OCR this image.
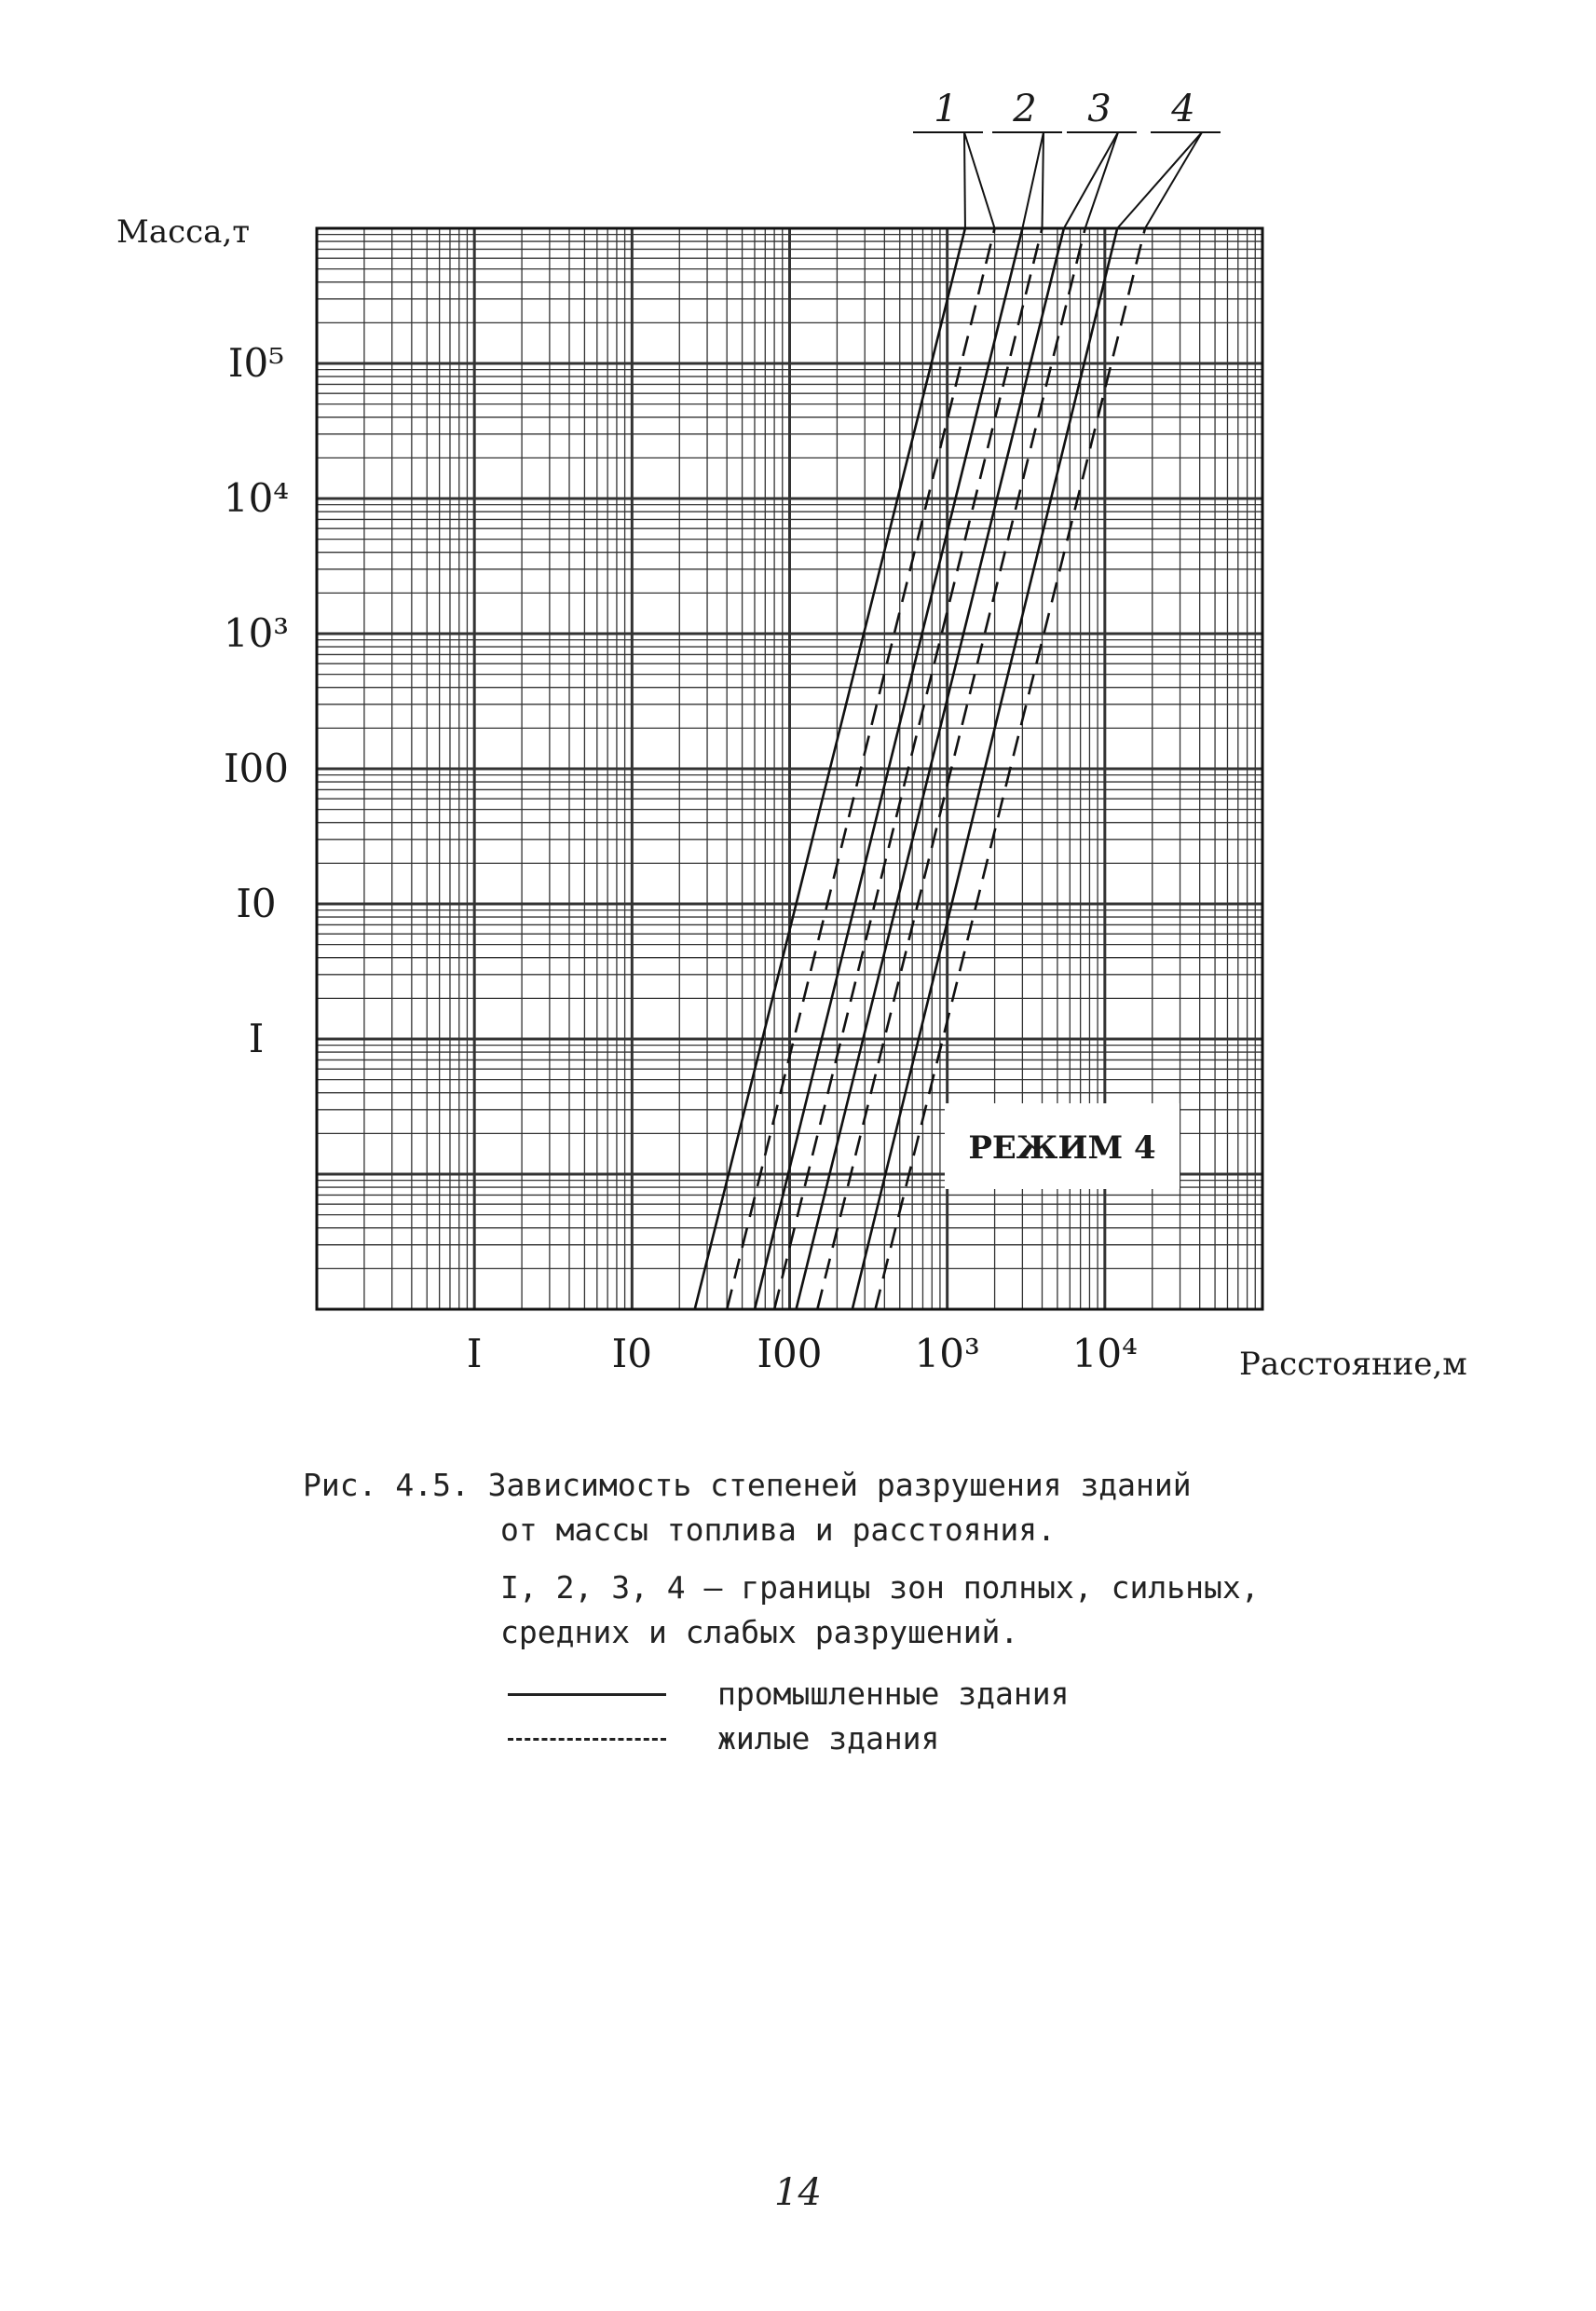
I	I0	I00 10³ 10⁴
I
I0
I00
10³
10⁴
I0⁵
1 2 3 4
РЕЖИМ 4
Масса,т
Расстояние,м
Рис. 4.5. Зависимость степеней разрушения зданий
от массы топлива и расстояния.
I, 2, 3, 4 – границы зон полных, сильных,
средних и слабых разрушений.
промышленные здания
жилые здания
14
